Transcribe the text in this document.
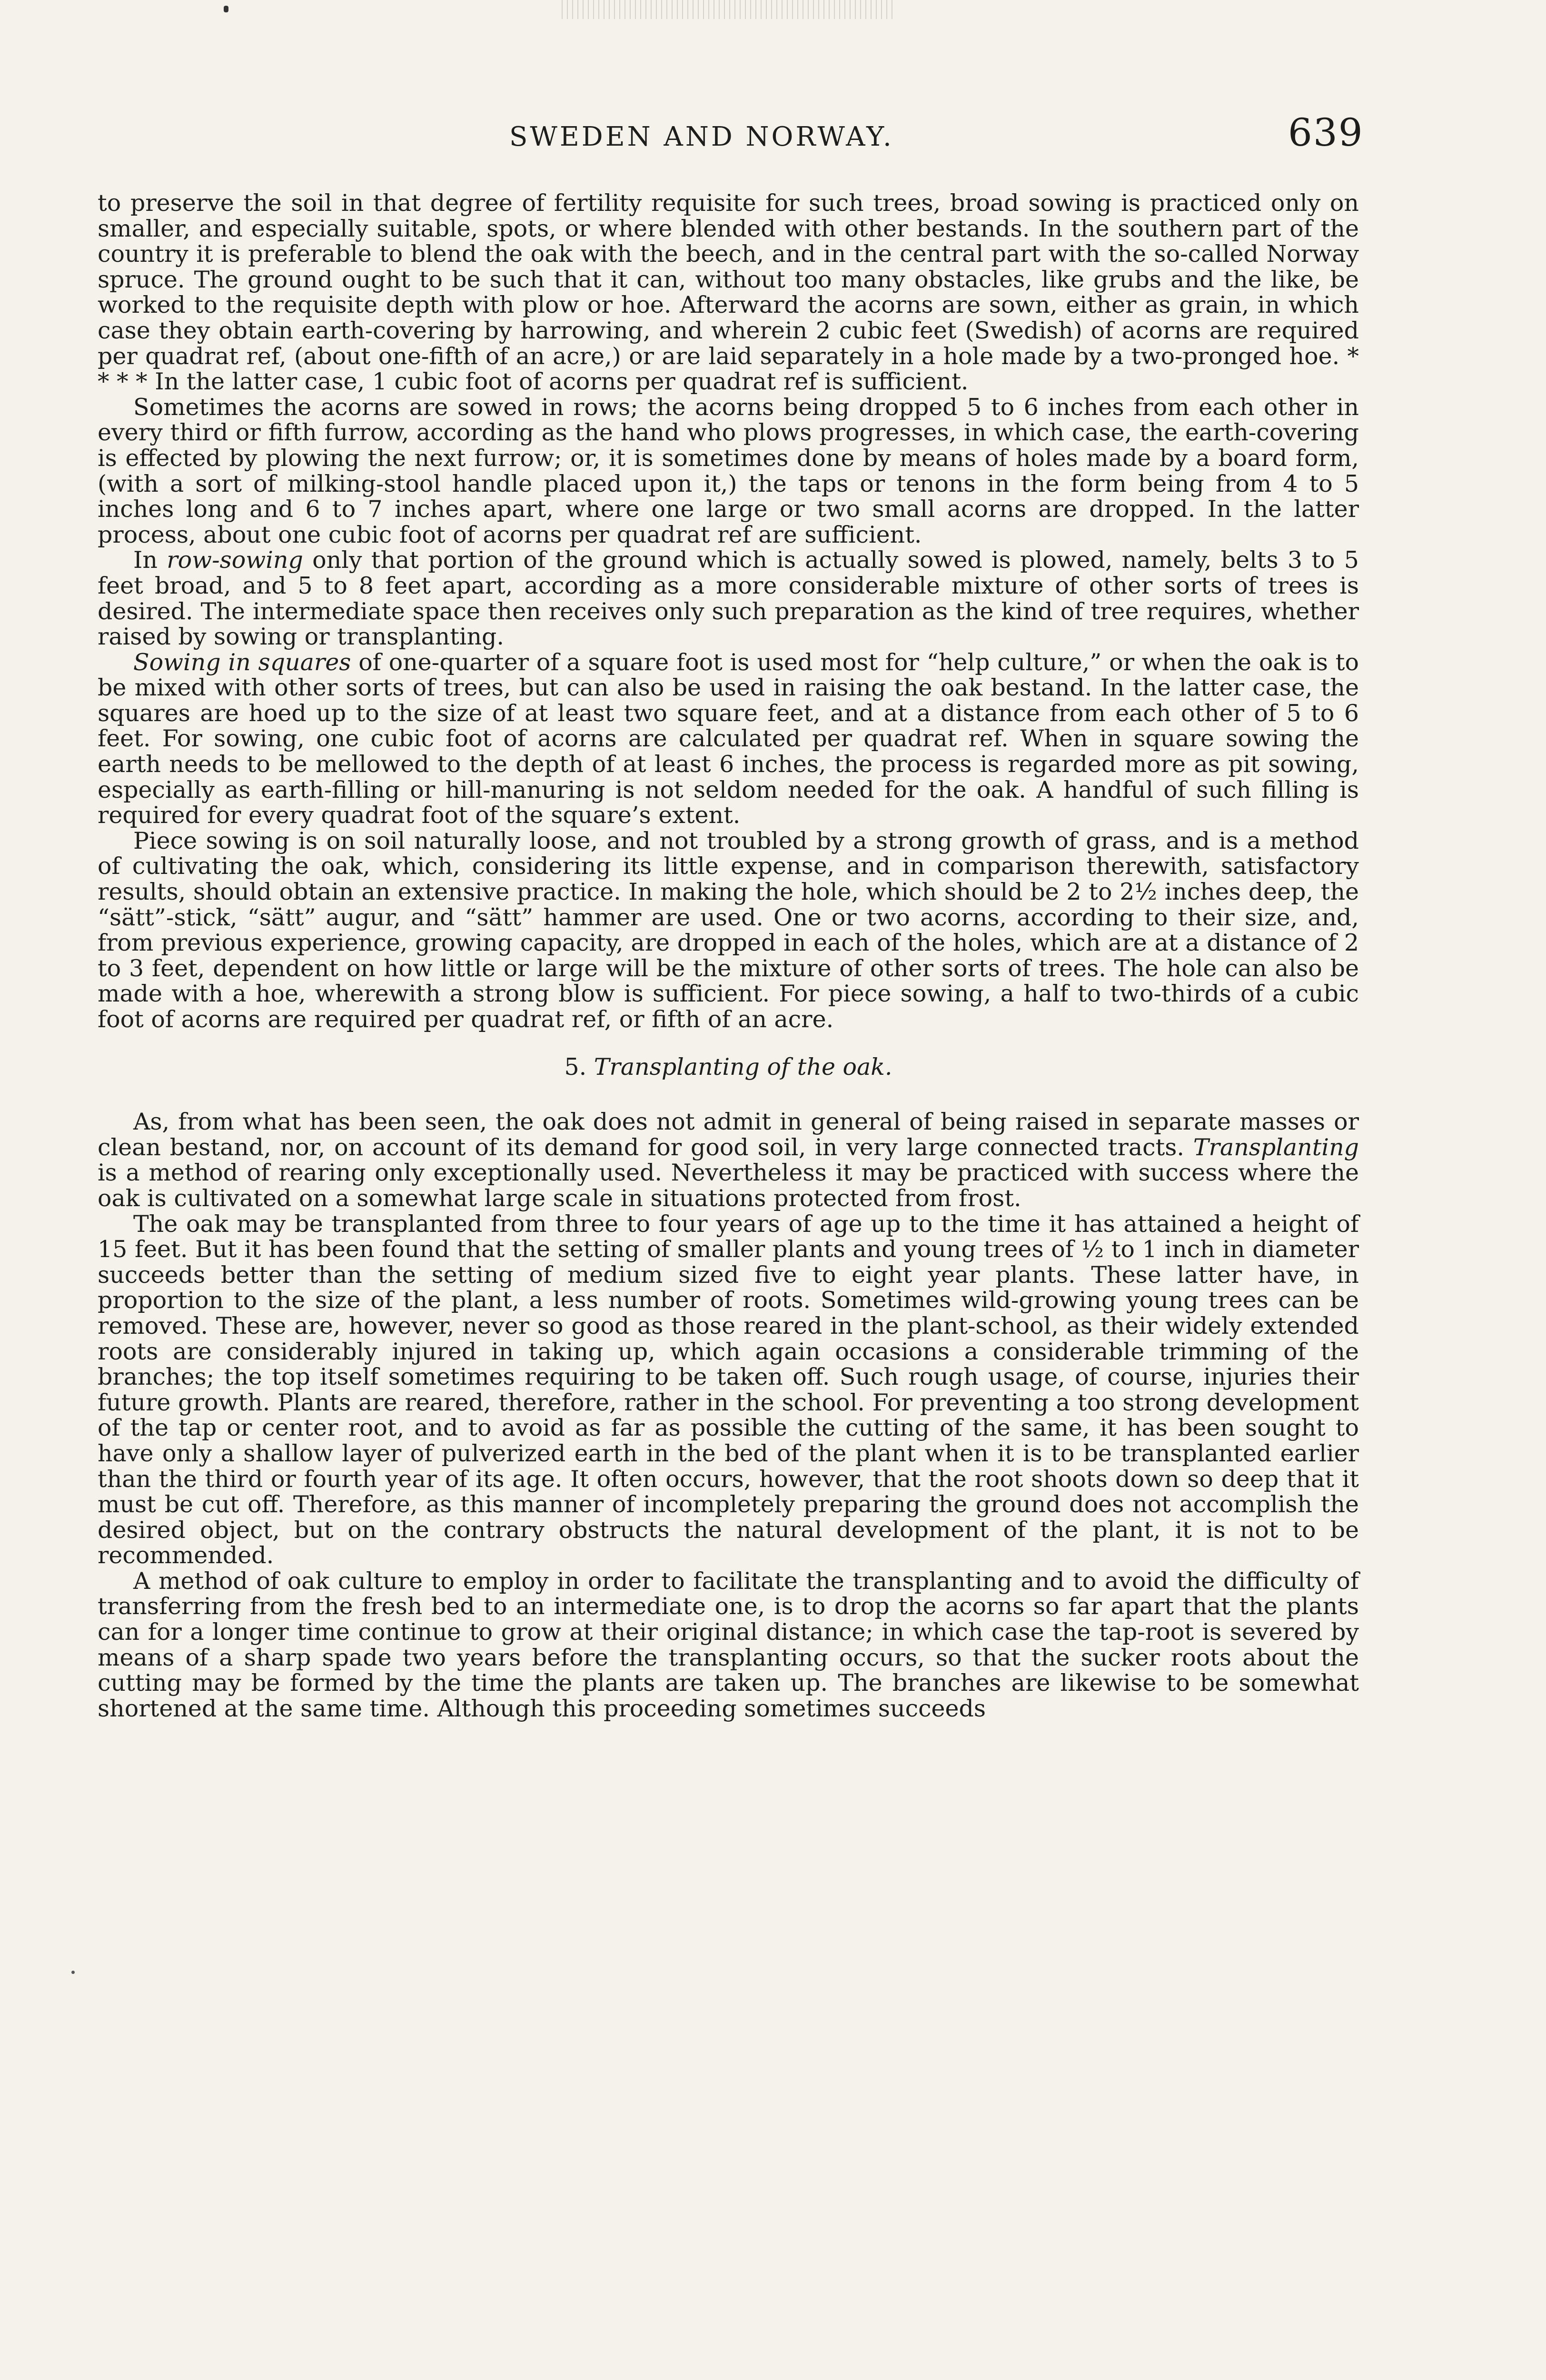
SWEDEN AND NORWAY.	639

to preserve the soil in that degree of fertility requisite for such trees, broad sowing is practiced only on smaller, and especially suitable, spots, or where blended with other bestands. In the southern part of the country it is preferable to blend the oak with the beech, and in the central part with the so-called Norway spruce. The ground ought to be such that it can, without too many obstacles, like grubs and the like, be worked to the requisite depth with plow or hoe. Afterward the acorns are sown, either as grain, in which case they obtain earth-covering by harrowing, and wherein 2 cubic feet (Swedish) of acorns are required per quadrat ref, (about one-fifth of an acre,) or are laid separately in a hole made by a two-pronged hoe. * * * * In the latter case, 1 cubic foot of acorns per quadrat ref is sufficient.

Sometimes the acorns are sowed in rows; the acorns being dropped 5 to 6 inches from each other in every third or fifth furrow, according as the hand who plows progresses, in which case, the earth-covering is effected by plowing the next furrow; or, it is sometimes done by means of holes made by a board form, (with a sort of milking-stool handle placed upon it,) the taps or tenons in the form being from 4 to 5 inches long and 6 to 7 inches apart, where one large or two small acorns are dropped. In the latter process, about one cubic foot of acorns per quadrat ref are sufficient.

In row-sowing only that portion of the ground which is actually sowed is plowed, namely, belts 3 to 5 feet broad, and 5 to 8 feet apart, according as a more considerable mixture of other sorts of trees is desired. The intermediate space then receives only such preparation as the kind of tree requires, whether raised by sowing or transplanting.

Sowing in squares of one-quarter of a square foot is used most for “help culture,” or when the oak is to be mixed with other sorts of trees, but can also be used in raising the oak bestand. In the latter case, the squares are hoed up to the size of at least two square feet, and at a distance from each other of 5 to 6 feet. For sowing, one cubic foot of acorns are calculated per quadrat ref. When in square sowing the earth needs to be mellowed to the depth of at least 6 inches, the process is regarded more as pit sowing, especially as earth-filling or hill-manuring is not seldom needed for the oak. A handful of such filling is required for every quadrat foot of the square’s extent.

Piece sowing is on soil naturally loose, and not troubled by a strong growth of grass, and is a method of cultivating the oak, which, considering its little expense, and in comparison therewith, satisfactory results, should obtain an extensive practice. In making the hole, which should be 2 to 2½ inches deep, the “sätt”-stick, “sätt” augur, and “sätt” hammer are used. One or two acorns, according to their size, and, from previous experience, growing capacity, are dropped in each of the holes, which are at a distance of 2 to 3 feet, dependent on how little or large will be the mixture of other sorts of trees. The hole can also be made with a hoe, wherewith a strong blow is sufficient. For piece sowing, a half to two-thirds of a cubic foot of acorns are required per quadrat ref, or fifth of an acre.

5. Transplanting of the oak.

As, from what has been seen, the oak does not admit in general of being raised in separate masses or clean bestand, nor, on account of its demand for good soil, in very large connected tracts. Transplanting is a method of rearing only exceptionally used. Nevertheless it may be practiced with success where the oak is cultivated on a somewhat large scale in situations protected from frost.

The oak may be transplanted from three to four years of age up to the time it has attained a height of 15 feet. But it has been found that the setting of smaller plants and young trees of ½ to 1 inch in diameter succeeds better than the setting of medium sized five to eight year plants. These latter have, in proportion to the size of the plant, a less number of roots. Sometimes wild-growing young trees can be removed. These are, however, never so good as those reared in the plant-school, as their widely extended roots are considerably injured in taking up, which again occasions a considerable trimming of the branches; the top itself sometimes requiring to be taken off. Such rough usage, of course, injuries their future growth. Plants are reared, therefore, rather in the school. For preventing a too strong development of the tap or center root, and to avoid as far as possible the cutting of the same, it has been sought to have only a shallow layer of pulverized earth in the bed of the plant when it is to be transplanted earlier than the third or fourth year of its age. It often occurs, however, that the root shoots down so deep that it must be cut off. Therefore, as this manner of incompletely preparing the ground does not accomplish the desired object, but on the contrary obstructs the natural development of the plant, it is not to be recommended.

A method of oak culture to employ in order to facilitate the transplanting and to avoid the difficulty of transferring from the fresh bed to an intermediate one, is to drop the acorns so far apart that the plants can for a longer time continue to grow at their original distance; in which case the tap-root is severed by means of a sharp spade two years before the transplanting occurs, so that the sucker roots about the cutting may be formed by the time the plants are taken up. The branches are likewise to be somewhat shortened at the same time. Although this proceeding sometimes succeeds
